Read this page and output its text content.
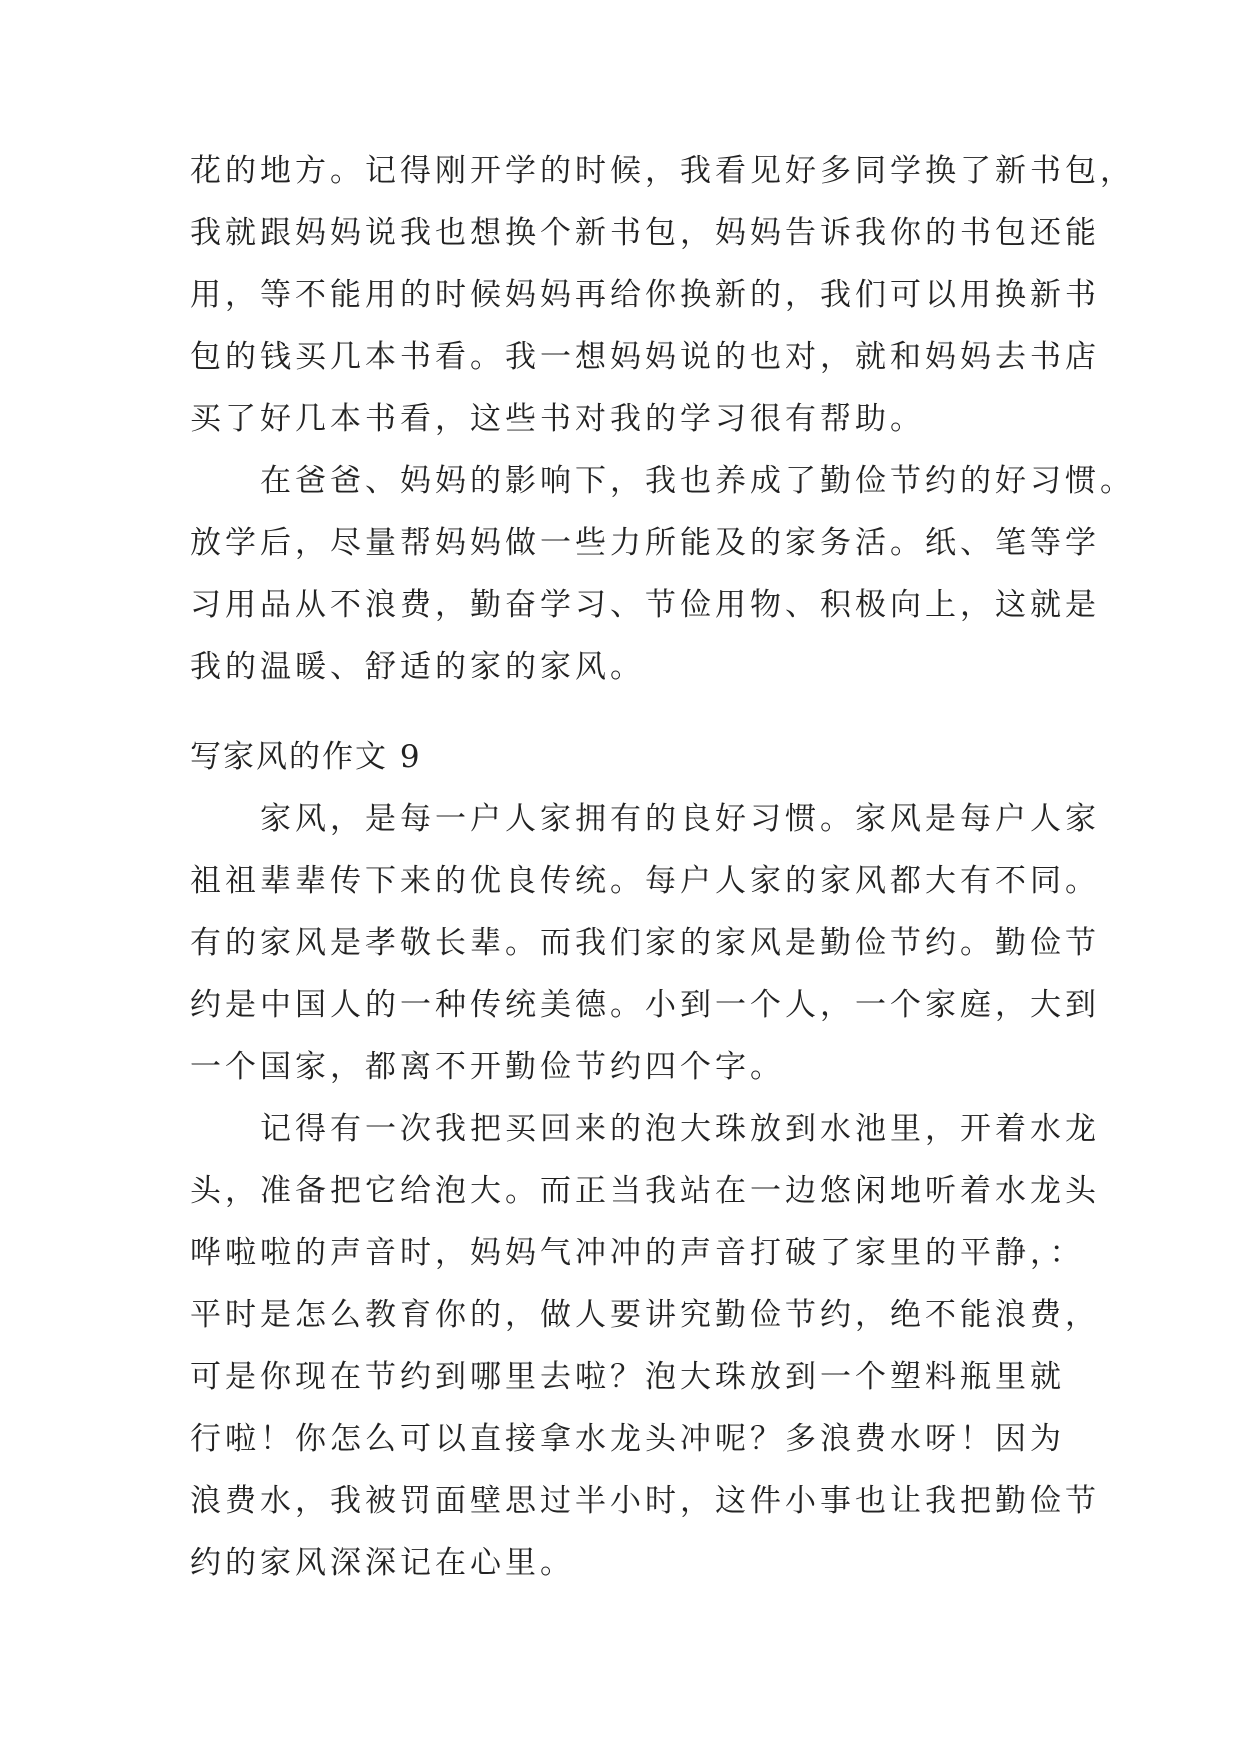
花的地方。记得刚开学的时候，我看见好多同学换了新书包，
我就跟妈妈说我也想换个新书包，妈妈告诉我你的书包还能
用，等不能用的时候妈妈再给你换新的，我们可以用换新书
包的钱买几本书看。我一想妈妈说的也对，就和妈妈去书店
买了好几本书看，这些书对我的学习很有帮助。
在爸爸、妈妈的影响下，我也养成了勤俭节约的好习惯。
放学后，尽量帮妈妈做一些力所能及的家务活。纸、笔等学
习用品从不浪费，勤奋学习、节俭用物、积极向上，这就是
我的温暖、舒适的家的家风。
写家风的作文 9
家风，是每一户人家拥有的良好习惯。家风是每户人家
祖祖辈辈传下来的优良传统。每户人家的家风都大有不同。
有的家风是孝敬长辈。而我们家的家风是勤俭节约。勤俭节
约是中国人的一种传统美德。小到一个人，一个家庭，大到
一个国家，都离不开勤俭节约四个字。
记得有一次我把买回来的泡大珠放到水池里，开着水龙
头，准备把它给泡大。而正当我站在一边悠闲地听着水龙头
哗啦啦的声音时，妈妈气冲冲的声音打破了家里的平静，：
平时是怎么教育你的，做人要讲究勤俭节约，绝不能浪费，
可是你现在节约到哪里去啦？泡大珠放到一个塑料瓶里就
行啦！你怎么可以直接拿水龙头冲呢？多浪费水呀！因为
浪费水，我被罚面壁思过半小时，这件小事也让我把勤俭节
约的家风深深记在心里。
